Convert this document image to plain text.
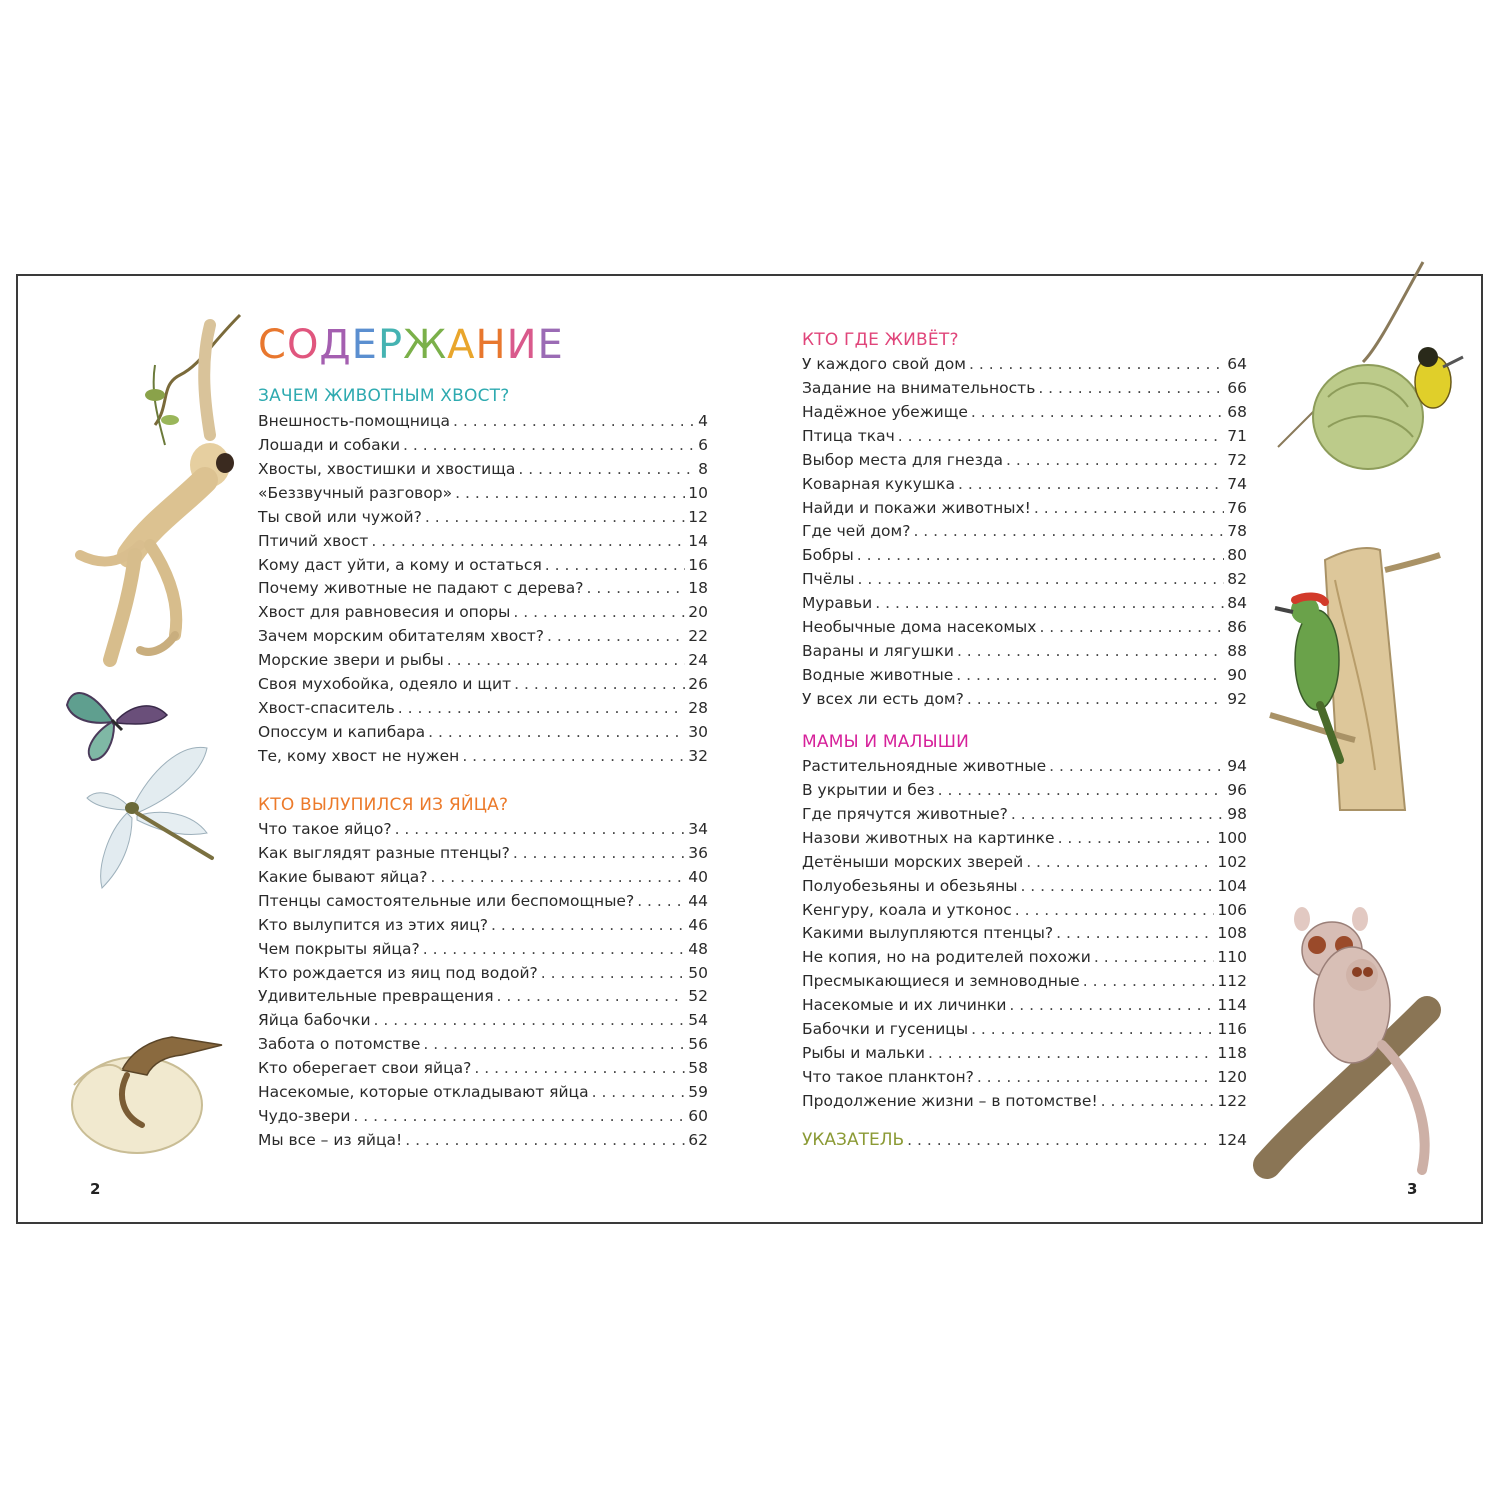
СОДЕРЖАНИЕ
ЗАЧЕМ ЖИВОТНЫМ ХВОСТ?
Внешность-помощница . . .	4
Лошади и собаки . . .	6
Хвосты, хвостишки и хвостища . . .	8
«Беззвучный разговор» . . .	10
Ты свой или чужой? . . .	12
Птичий хвост . . .	14
Кому даст уйти, а кому и остаться . . .	16
Почему животные не падают с дерева? . . .	18
Хвост для равновесия и опоры . . .	20
Зачем морским обитателям хвост? . . .	22
Морские звери и рыбы . . .	24
Своя мухобойка, одеяло и щит . . .	26
Хвост-спаситель . . .	28
Опоссум и капибара . . .	30
Те, кому хвост не нужен . . .	32
КТО ВЫЛУПИЛСЯ ИЗ ЯЙЦА?
Что такое яйцо? . . .	34
Как выглядят разные птенцы? . . .	36
Какие бывают яйца? . . .	40
Птенцы самостоятельные или беспомощные? . . .	44
Кто вылупится из этих яиц? . . .	46
Чем покрыты яйца? . . .	48
Кто рождается из яиц под водой? . . .	50
Удивительные превращения . . .	52
Яйца бабочки . . .	54
Забота о потомстве . . .	56
Кто оберегает свои яйца? . . .	58
Насекомые, которые откладывают яйца . . .	59
Чудо-звери . . .	60
Мы все – из яйца! . . .	62
КТО ГДЕ ЖИВЁТ?
У каждого свой дом . . .	64
Задание на внимательность . . .	66
Надёжное убежище . . .	68
Птица ткач . . .	71
Выбор места для гнезда . . .	72
Коварная кукушка . . .	74
Найди и покажи животных! . . .	76
Где чей дом? . . .	78
Бобры . . .	80
Пчёлы . . .	82
Муравьи . . .	84
Необычные дома насекомых . . .	86
Вараны и лягушки . . .	88
Водные животные . . .	90
У всех ли есть дом? . . .	92
МАМЫ И МАЛЫШИ
Растительноядные животные . . .	94
В укрытии и без . . .	96
Где прячутся животные? . . .	98
Назови животных на картинке . . .	100
Детёныши морских зверей . . .	102
Полуобезьяны и обезьяны . . .	104
Кенгуру, коала и утконос . . .	106
Какими вылупляются птенцы? . . .	108
Не копия, но на родителей похожи . . .	110
Пресмыкающиеся и земноводные . . .	112
Насекомые и их личинки . . .	114
Бабочки и гусеницы . . .	116
Рыбы и мальки . . .	118
Что такое планктон? . . .	120
Продолжение жизни – в потомстве! . . .	122
УКАЗАТЕЛЬ . . .	124
2	3
